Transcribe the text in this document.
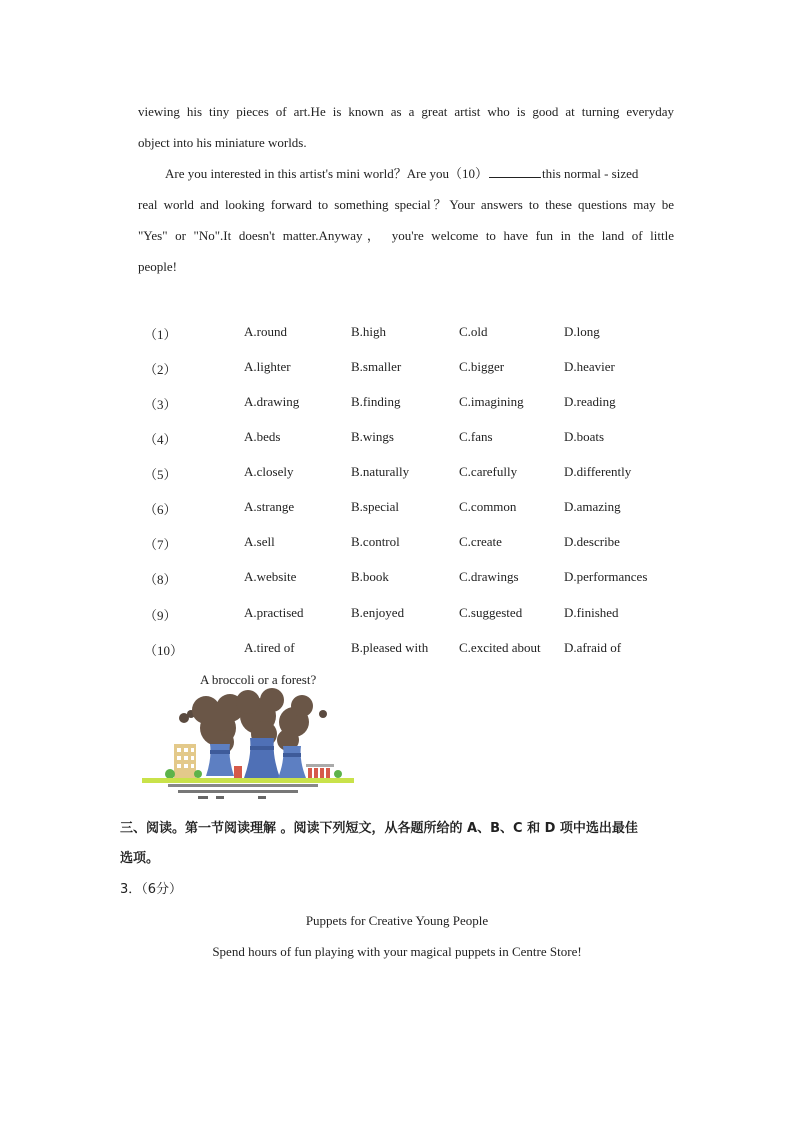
viewing his tiny pieces of art.He is known as a great artist who is good at turning everyday
object into his miniature worlds.
Are you interested in this artist's mini world？Are you（10）	this normal - sized
real world and looking forward to something special？Your answers to these questions may be
"Yes" or "No".It doesn't matter.Anyway， you're welcome to have fun in the land of little
people!
（1）	A.round	B.high	C.old	D.long
（2）	A.lighter	B.smaller	C.bigger	D.heavier
（3）	A.drawing	B.finding	C.imagining	D.reading
（4）	A.beds	B.wings	C.fans	D.boats
（5）	A.closely	B.naturally	C.carefully	D.differently
（6）	A.strange	B.special	C.common	D.amazing
（7）	A.sell	B.control	C.create	D.describe
（8）	A.website	B.book	C.drawings	D.performances
（9）	A.practised	B.enjoyed	C.suggested	D.finished
（10）	A.tired of	B.pleased with C.excited about D.afraid of
A broccoli or a forest?
三、阅读。第一节阅读理解 。阅读下列短文，从各题所给的 A、B、C 和 D 项中选出最佳
选项。
3．（6分）
Puppets for Creative Young People
Spend hours of fun playing with your magical puppets in Centre Store!
